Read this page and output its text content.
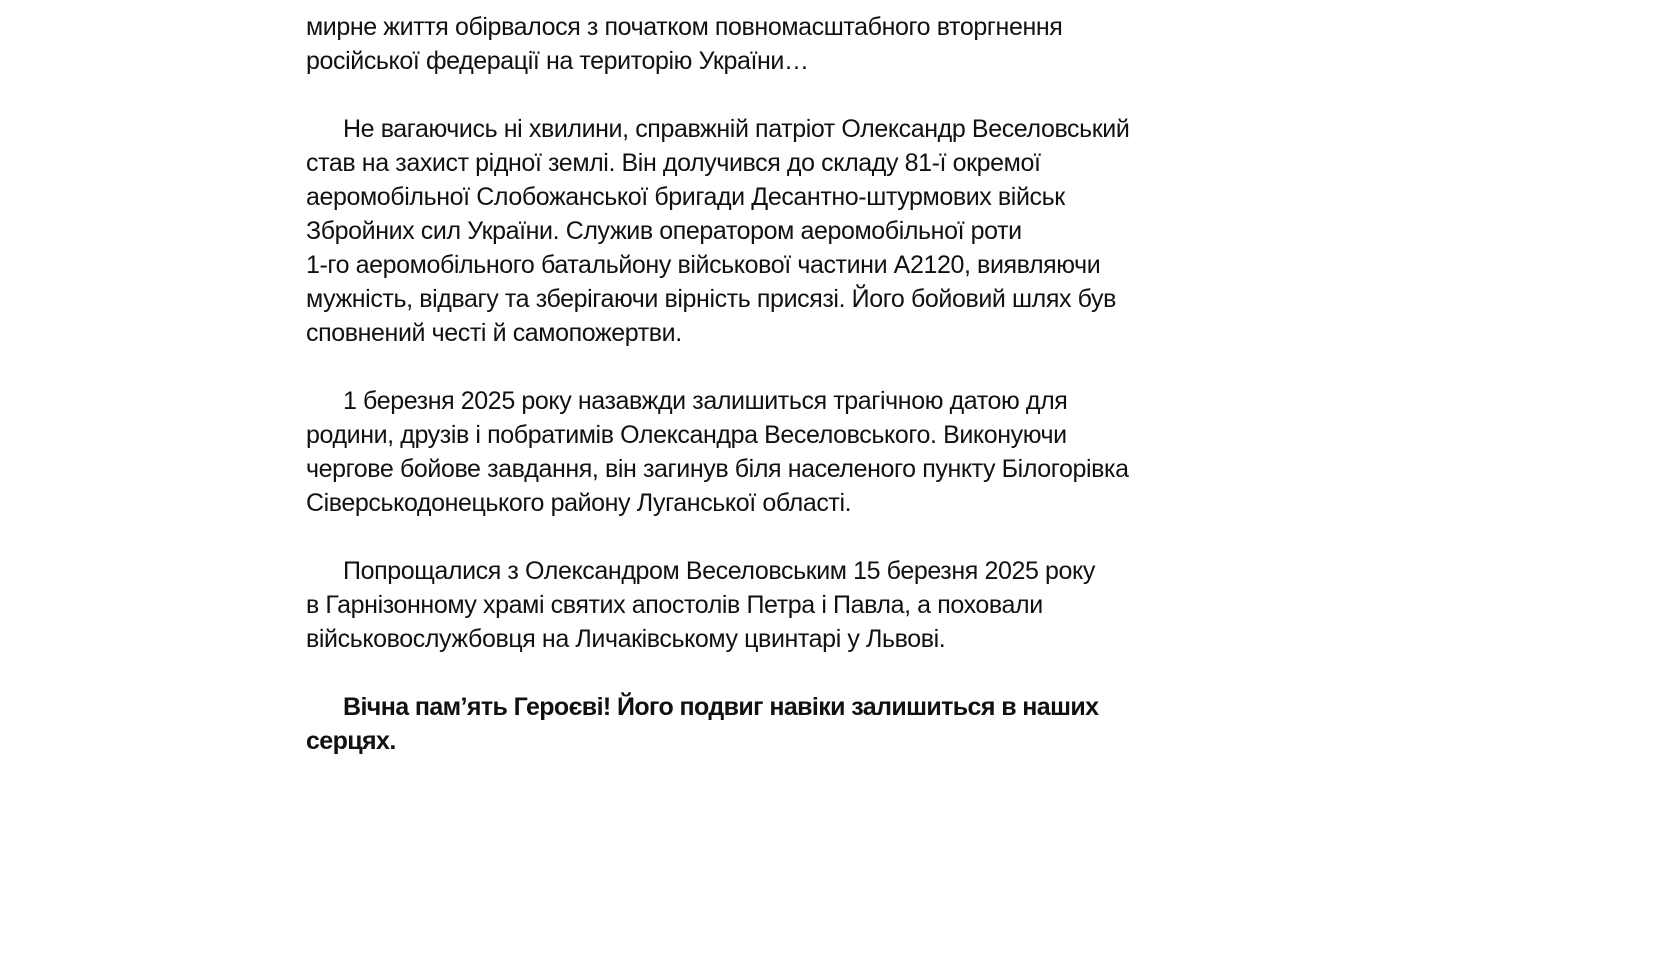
мирне життя обірвалося з початком повномасштабного вторгнення
російської федерації на територію України…
Не вагаючись ні хвилини, справжній патріот Олександр Веселовський
став на захист рідної землі. Він долучився до складу 81-ї окремої
аеромобільної Слобожанської бригади Десантно-штурмових військ
Збройних сил України. Служив оператором аеромобільної роти
1-го аеромобільного батальйону військової частини А2120, виявляючи
мужність, відвагу та зберігаючи вірність присязі. Його бойовий шлях був
сповнений честі й самопожертви.
1 березня 2025 року назавжди залишиться трагічною датою для
родини, друзів і побратимів Олександра Веселовського. Виконуючи
чергове бойове завдання, він загинув біля населеного пункту Білогорівка
Сіверськодонецького району Луганської області.
Попрощалися з Олександром Веселовським 15 березня 2025 року
в Гарнізонному храмі святих апостолів Петра і Павла, а поховали
військовослужбовця на Личаківському цвинтарі у Львові.
Вічна пам’ять Героєві! Його подвиг навіки залишиться в наших
серцях.
